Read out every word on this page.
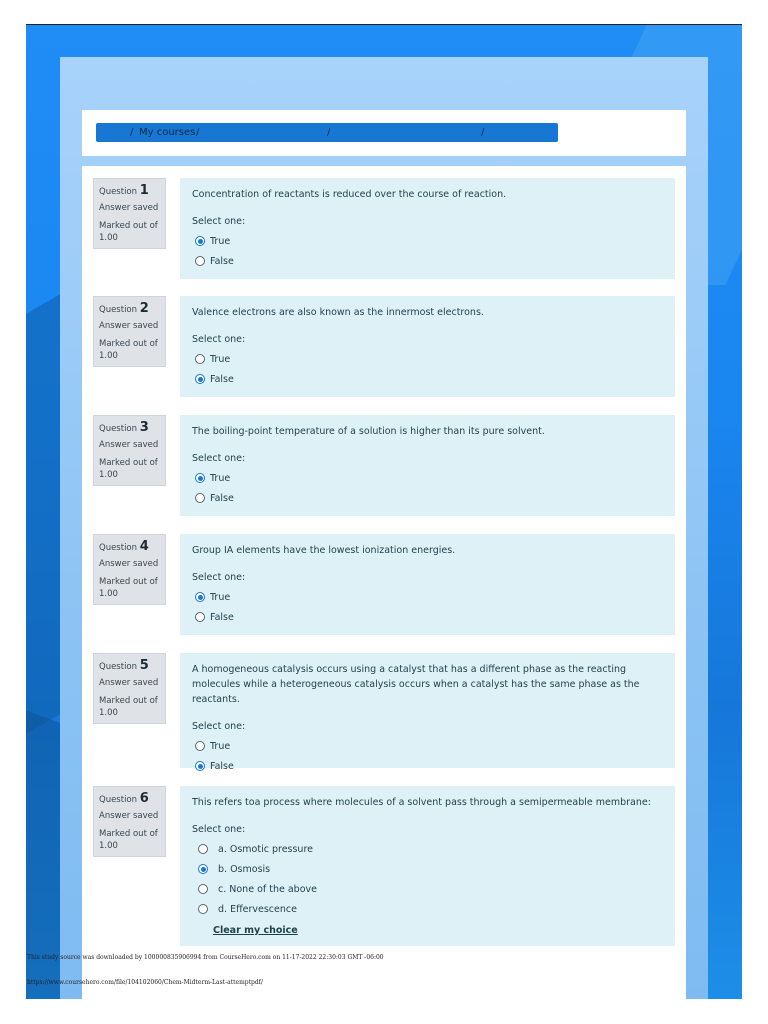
/ My courses /	/	/
Question 1
Answer saved
Marked out of 1.00
Concentration of reactants is reduced over the course of reaction.
Select one:
True
False
Question 2
Answer saved
Marked out of 1.00
Valence electrons are also known as the innermost electrons.
Select one:
True
False
Question 3
Answer saved
Marked out of 1.00
The boiling-point temperature of a solution is higher than its pure solvent.
Select one:
True
False
Question 4
Answer saved
Marked out of 1.00
Group IA elements have the lowest ionization energies.
Select one:
True
False
Question 5
Answer saved
Marked out of 1.00
A homogeneous catalysis occurs using a catalyst that has a different phase as the reacting molecules while a heterogeneous catalysis occurs when a catalyst has the same phase as the reactants.
Select one:
True
False
Question 6
Answer saved
Marked out of 1.00
This refers toa process where molecules of a solvent pass through a semipermeable membrane:
Select one:
a. Osmotic pressure
b. Osmosis
c. None of the above
d. Effervescence
Clear my choice
This study source was downloaded by 100000835906994 from CourseHero.com on 11-17-2022 22:30:03 GMT -06:00
https://www.coursehero.com/file/104102060/Chem-Midterm-Last-attemptpdf/
